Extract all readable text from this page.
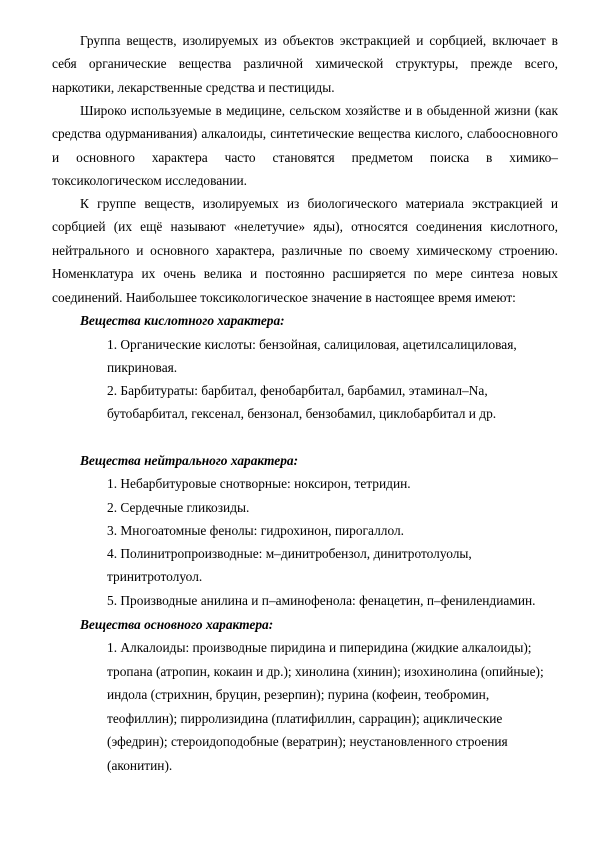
Группа веществ, изолируемых из объектов экстракцией и сорбцией, включает в себя органические вещества различной химической структуры, прежде всего, наркотики, лекарственные средства и пестициды.

Широко используемые в медицине, сельском хозяйстве и в обыденной жизни (как средства одурманивания) алкалоиды, синтетические вещества кислого, слабоосновного и основного характера часто становятся предметом поиска в химико–токсикологическом исследовании.

К группе веществ, изолируемых из биологического материала экстракцией и сорбцией (их ещё называют «нелетучие» яды), относятся соединения кислотного, нейтрального и основного характера, различные по своему химическому строению. Номенклатура их очень велика и постоянно расширяется по мере синтеза новых соединений. Наибольшее токсикологическое значение в настоящее время имеют:

Вещества кислотного характера:

1. Органические кислоты: бензойная, салициловая, ацетилсалициловая, пикриновая.

2. Барбитураты: барбитал, фенобарбитал, барбамил, этаминал–Na, бутобарбитал, гексенал, бензонал, бензобамил, циклобарбитал и др.

Вещества нейтрального характера:

1. Небарбитуровые снотворные: ноксирон, тетридин.

2. Сердечные гликозиды.

3. Многоатомные фенолы: гидрохинон, пирогаллол.

4. Полинитропроизводные: м–динитробензол, динитротолуолы, тринитротолуол.

5. Производные анилина и п–аминофенола: фенацетин, п–фенилендиамин.

Вещества основного характера:

1. Алкалоиды: производные пиридина и пиперидина (жидкие алкалоиды); тропана (атропин, кокаин и др.); хинолина (хинин); изохинолина (опийные); индола (стрихнин, бруцин, резерпин); пурина (кофеин, теобромин, теофиллин); пирролизидина (платифиллин, саррацин); ациклические (эфедрин); стероидоподобные (вератрин); неустановленного строения (аконитин).
